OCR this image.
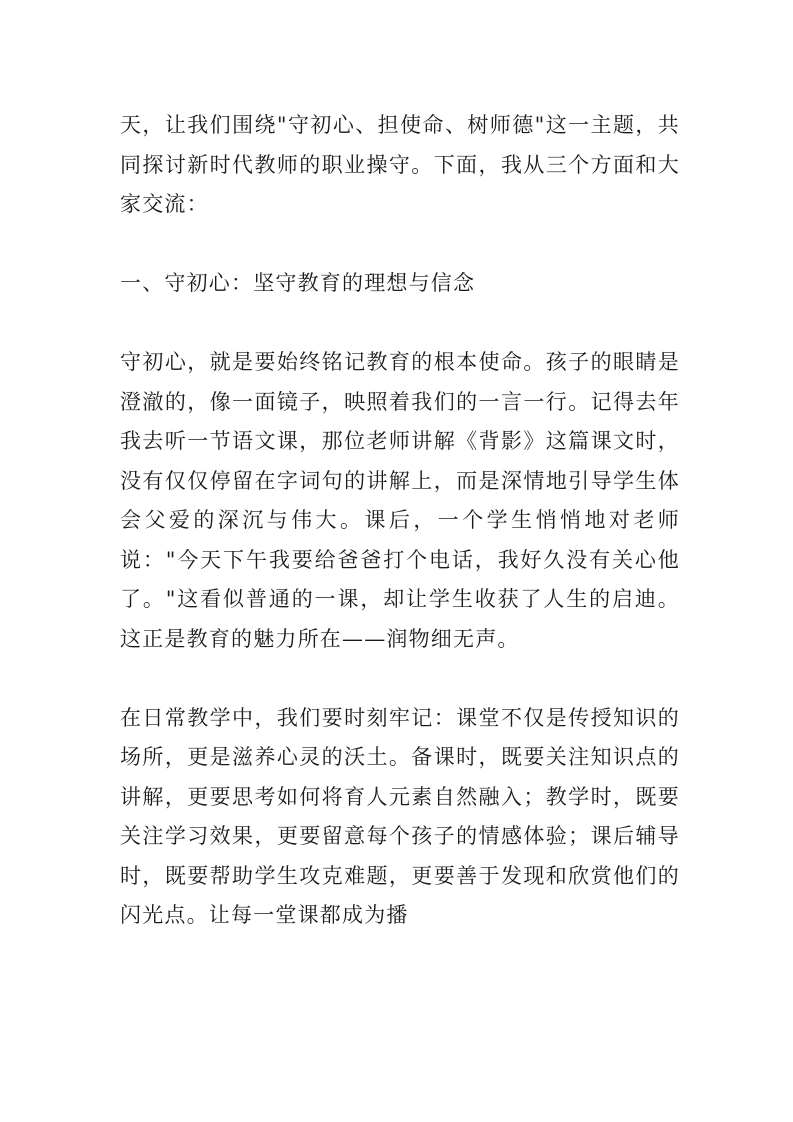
天，让我们围绕"守初心、担使命、树师德"这一主题，共同探讨新时代教师的职业操守。下面，我从三个方面和大家交流：

一、守初心：坚守教育的理想与信念

守初心，就是要始终铭记教育的根本使命。孩子的眼睛是澄澈的，像一面镜子，映照着我们的一言一行。记得去年我去听一节语文课，那位老师讲解《背影》这篇课文时，没有仅仅停留在字词句的讲解上，而是深情地引导学生体会父爱的深沉与伟大。课后，一个学生悄悄地对老师说："今天下午我要给爸爸打个电话，我好久没有关心他了。"这看似普通的一课，却让学生收获了人生的启迪。这正是教育的魅力所在——润物细无声。

在日常教学中，我们要时刻牢记：课堂不仅是传授知识的场所，更是滋养心灵的沃土。备课时，既要关注知识点的讲解，更要思考如何将育人元素自然融入；教学时，既要关注学习效果，更要留意每个孩子的情感体验；课后辅导时，既要帮助学生攻克难题，更要善于发现和欣赏他们的闪光点。让每一堂课都成为播
